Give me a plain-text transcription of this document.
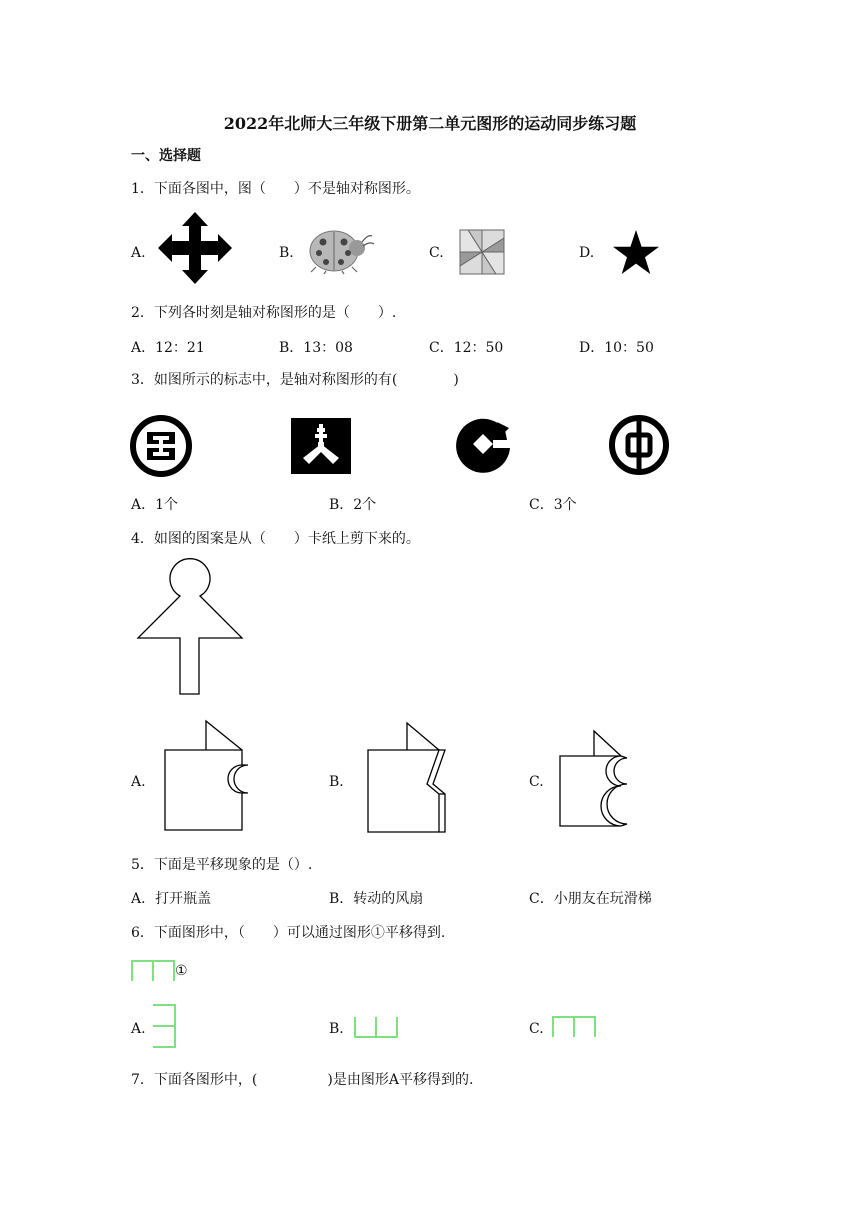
2022年北师大三年级下册第二单元图形的运动同步练习题
一、选择题
1．下面各图中，图（　　）不是轴对称图形。
A.	B.	C.	D.
2．下列各时刻是轴对称图形的是（　　）.
A．12：21	B．13：08	C．12：50	D．10：50
3．如图所示的标志中，是轴对称图形的有(　　　　)
A．1个	B．2个	C．3个
4．如图的图案是从（　　）卡纸上剪下来的。
A.	B.	C.
5．下面是平移现象的是（）.
A．打开瓶盖	B．转动的风扇	C．小朋友在玩滑梯
6．下面图形中，（　　）可以通过图形①平移得到.
①
A.	B.	C.
7．下面各图形中，(　　　　　)是由图形A平移得到的.
